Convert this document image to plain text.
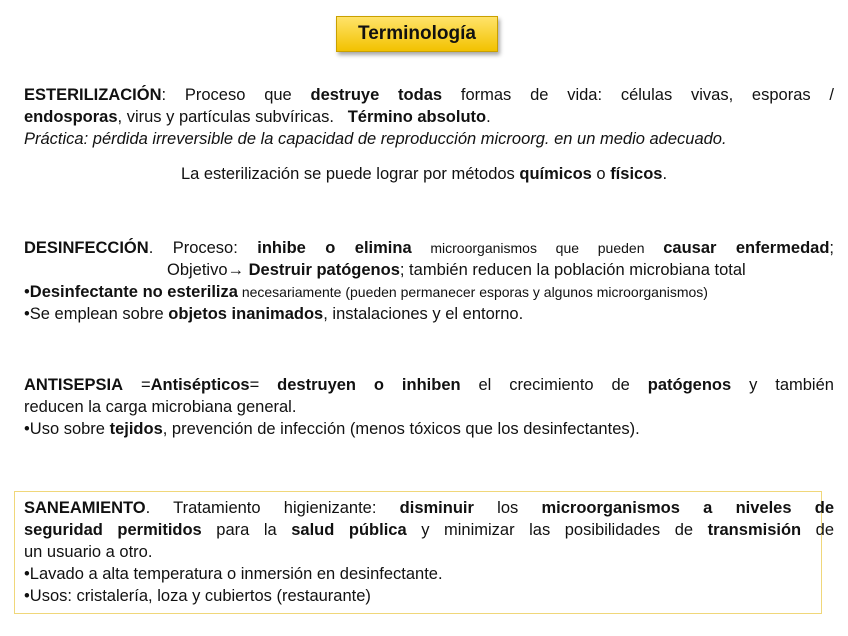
Terminología

ESTERILIZACIÓN: Proceso que destruye todas formas de vida: células vivas, esporas /

endosporas, virus y partículas subvíricas.   Término absoluto.

Práctica: pérdida irreversible de la capacidad de reproducción microorg. en un medio adecuado.

La esterilización se puede lograr por métodos químicos o físicos.

DESINFECCIÓN. Proceso: inhibe o elimina microorganismos que pueden causar enfermedad;

Objetivo→ Destruir patógenos; también reducen la población microbiana total

•Desinfectante no esteriliza necesariamente (pueden permanecer esporas y algunos microorganismos)

•Se emplean sobre objetos inanimados, instalaciones y el entorno.

ANTISEPSIA =Antisépticos= destruyen o inhiben el crecimiento de patógenos y también

reducen la carga microbiana general.

•Uso sobre tejidos, prevención de infección (menos tóxicos que los desinfectantes).

SANEAMIENTO. Tratamiento higienizante: disminuir los microorganismos a niveles de

seguridad permitidos para la salud pública y minimizar las posibilidades de transmisión de

un usuario a otro.

•Lavado a alta temperatura o inmersión en desinfectante.

•Usos: cristalería, loza y cubiertos (restaurante)
